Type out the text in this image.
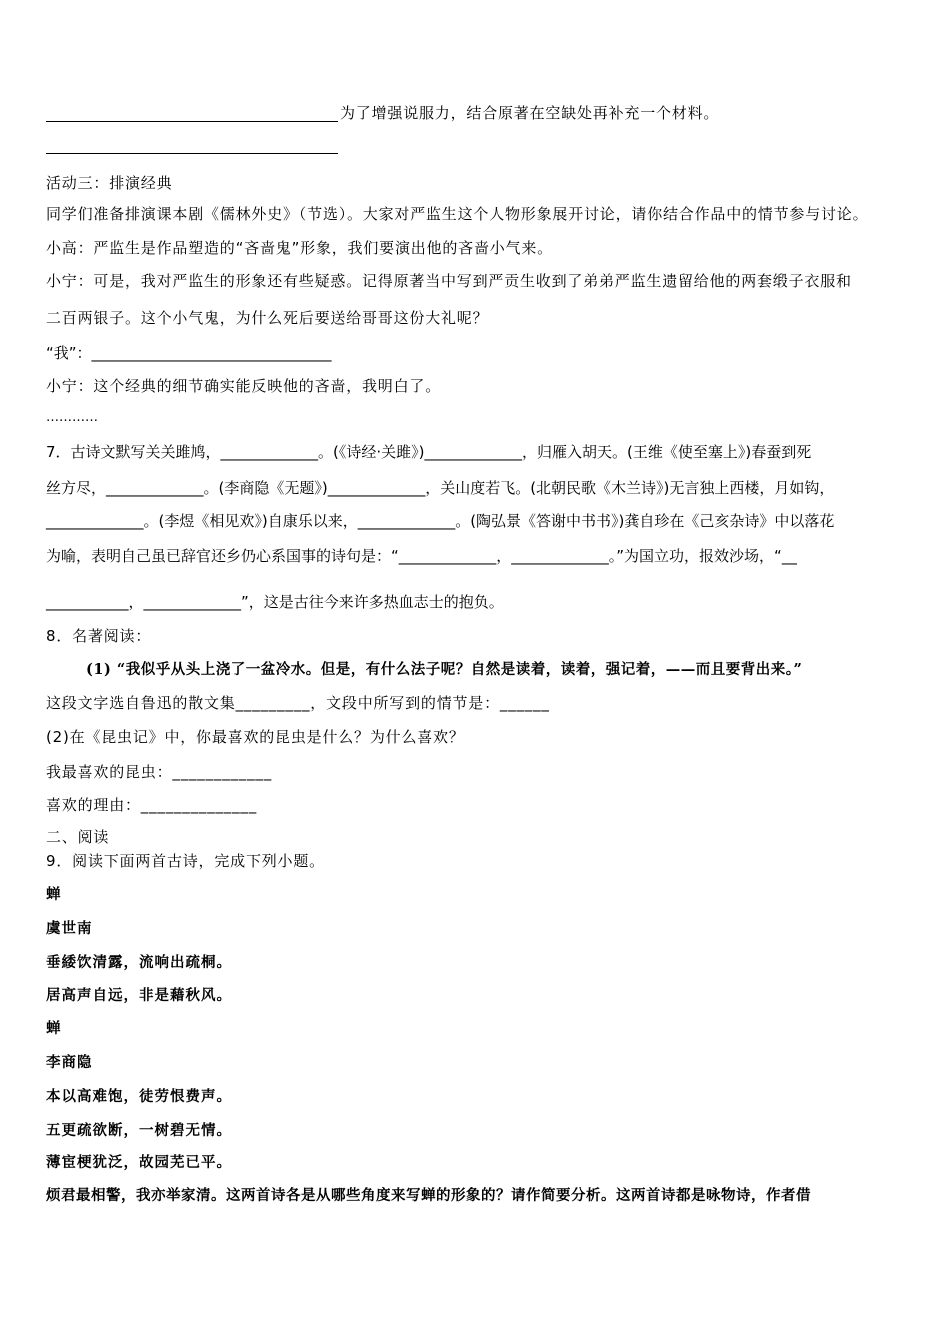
为了增强说服力，结合原著在空缺处再补充一个材料。
活动三：排演经典
同学们准备排演课本剧《儒林外史》（节选）。大家对严监生这个人物形象展开讨论，请你结合作品中的情节参与讨论。
小高：严监生是作品塑造的“吝啬鬼”形象，我们要演出他的吝啬小气来。
小宁：可是，我对严监生的形象还有些疑惑。记得原著当中写到严贡生收到了弟弟严监生遗留给他的两套缎子衣服和
二百两银子。这个小气鬼，为什么死后要送给哥哥这份大礼呢？
“我”：________________________________
小宁：这个经典的细节确实能反映他的吝啬，我明白了。
…………
7．古诗文默写关关雎鸠，_____________。(《诗经·关雎》)_____________，归雁入胡天。(王维《使至塞上》)春蚕到死
丝方尽，_____________。(李商隐《无题》)_____________，关山度若飞。(北朝民歌《木兰诗》)无言独上西楼，月如钩，
_____________。(李煜《相见欢》)自康乐以来，_____________。(陶弘景《答谢中书书》)龚自珍在《己亥杂诗》中以落花
为喻，表明自己虽已辞官还乡仍心系国事的诗句是：“_____________，_____________。”为国立功，报效沙场，“__
___________，_____________”，这是古往今来许多热血志士的抱负。
8．名著阅读：
(1) “我似乎从头上浇了一盆冷水。但是，有什么法子呢？自然是读着，读着，强记着，——而且要背出来。”
这段文字选自鲁迅的散文集_________，文段中所写到的情节是：______
(2)在《昆虫记》中，你最喜欢的昆虫是什么？为什么喜欢？
我最喜欢的昆虫：____________
喜欢的理由：______________
二、阅读
9．阅读下面两首古诗，完成下列小题。
蝉
虞世南
垂緌饮清露，流响出疏桐。
居高声自远，非是藉秋风。
蝉
李商隐
本以高难饱，徒劳恨费声。
五更疏欲断，一树碧无情。
薄宦梗犹泛，故园芜已平。
烦君最相警，我亦举家清。这两首诗各是从哪些角度来写蝉的形象的？请作简要分析。这两首诗都是咏物诗，作者借
